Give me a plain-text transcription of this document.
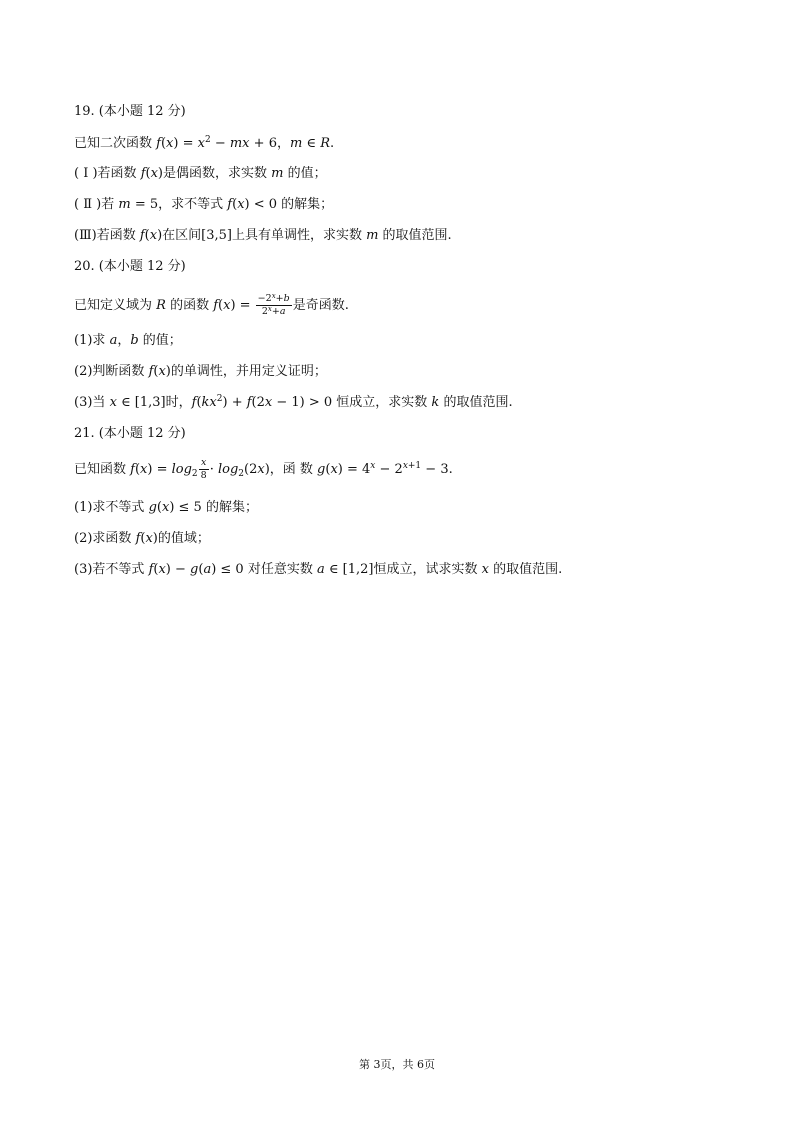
19. (本小题 12 分)
已知二次函数 $f(x) = x^2$ − mx + 6，m ∈ R.
( Ⅰ )若函数 f(x)是偶函数，求实数 m 的值；
( Ⅱ )若 m = 5，求不等式 f(x) < 0 的解集；
(Ⅲ)若函数 f(x)在区间[3,5]上具有单调性，求实数 m 的取值范围.
20. (本小题 12 分)
已知定义域为 R 的函数 $f(x) = \frac{-2^x+b}{2^x+a}$ 是奇函数.
(1)求 a，b 的值；
(2)判断函数 f(x)的单调性，并用定义证明；
(3)当 x ∈ [1,3]时，$f(kx^2) + f(2x - 1) > 0$ 恒成立，求实数 k 的取值范围.
21. (本小题 12 分)
已知函数 $f(x) = \log_2 \frac{x}{8} \cdot \log_2(2x)$，函 数 $g(x) = 4^x - 2^{x+1} - 3$.
(1)求不等式 g(x) ≤ 5 的解集；
(2)求函数 f(x)的值域；
(3)若不等式 f(x) − g(a) ≤ 0 对任意实数 a ∈ [1,2]恒成立，试求实数 x 的取值范围.
第 3页，共 6页
